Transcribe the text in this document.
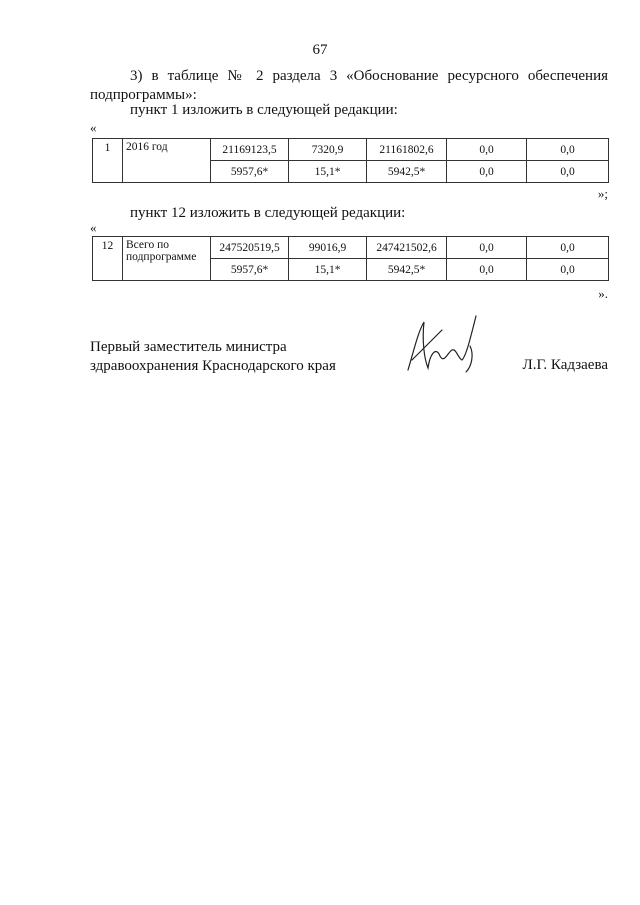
67
3) в таблице № 2 раздела 3 «Обоснование ресурсного обеспечения подпрограммы»:
пункт 1 изложить в следующей редакции:
«
1	2016 год	21169123,5	7320,9	21161802,6	0,0	0,0
		5957,6*	15,1*	5942,5*	0,0	0,0
»;
пункт 12 изложить в следующей редакции:
«
12	Всего по подпрограмме	247520519,5	99016,9	247421502,6	0,0	0,0
		5957,6*	15,1*	5942,5*	0,0	0,0
».
Первый заместитель министра
здравоохранения Краснодарского края	Л.Г. Кадзаева
